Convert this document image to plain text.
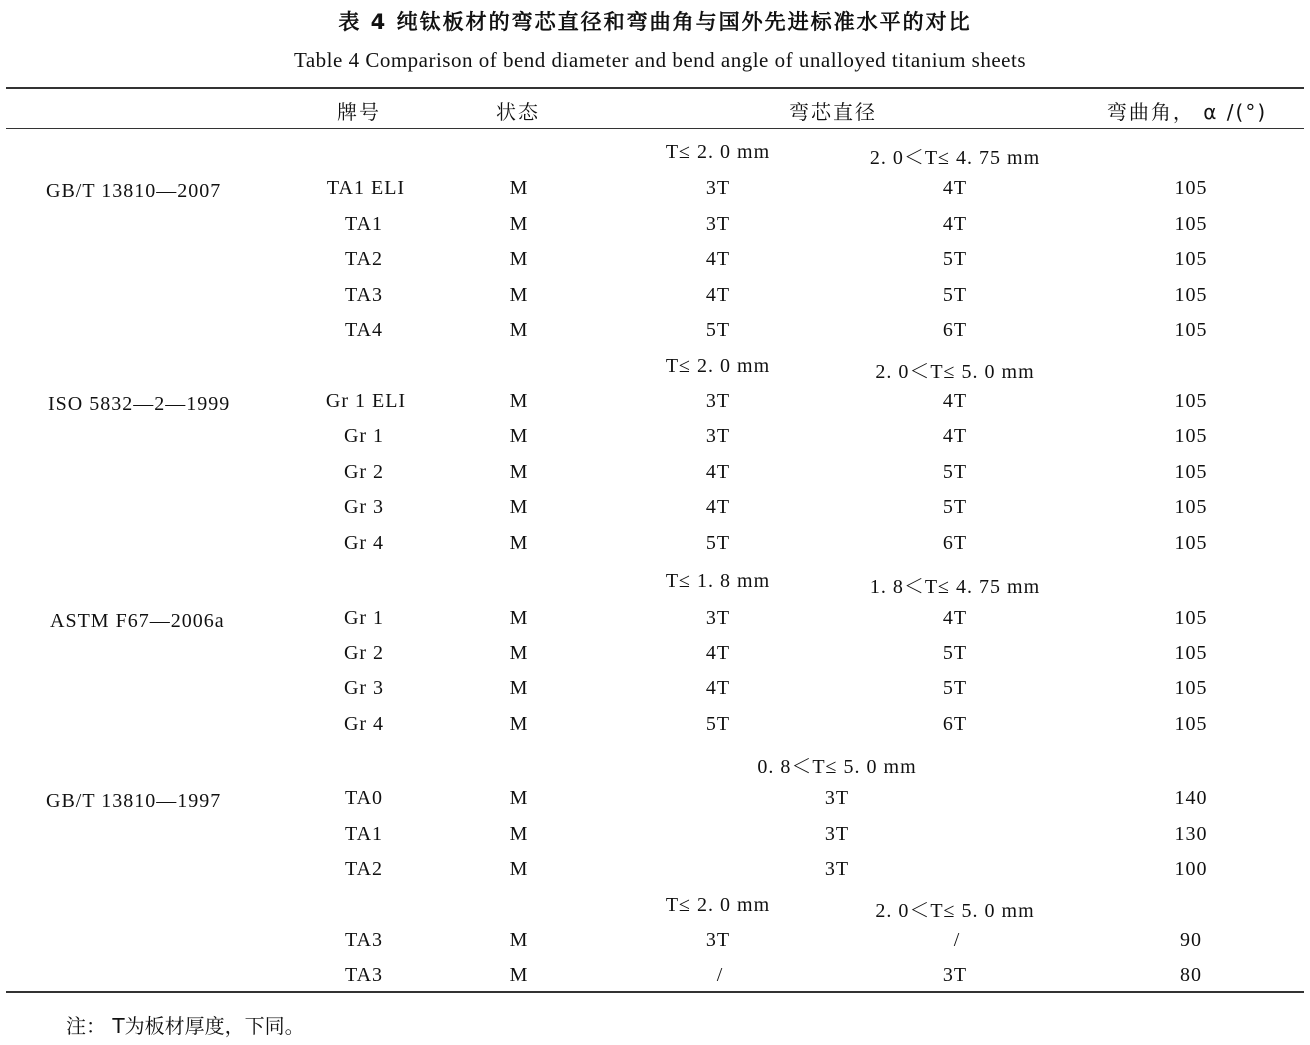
表 4 纯钛板材的弯芯直径和弯曲角与国外先进标准水平的对比
Table 4 Comparison of bend diameter and bend angle of unalloyed titanium sheets
牌号	状态	弯芯直径	弯曲角， α /(°)
T≤ 2. 0 mm	2. 0＜T≤ 4. 75 mm
GB/T 13810—2007	TA1 ELI	M	3T	4T	105
TA1	M	3T	4T	105
TA2	M	4T	5T	105
TA3	M	4T	5T	105
TA4	M	5T	6T	105
T≤ 2. 0 mm	2. 0＜T≤ 5. 0 mm
ISO 5832—2—1999	Gr 1 ELI	M	3T	4T	105
Gr 1	M	3T	4T	105
Gr 2	M	4T	5T	105
Gr 3	M	4T	5T	105
Gr 4	M	5T	6T	105
T≤ 1. 8 mm	1. 8＜T≤ 4. 75 mm
ASTM F67—2006a	Gr 1	M	3T	4T	105
Gr 2	M	4T	5T	105
Gr 3	M	4T	5T	105
Gr 4	M	5T	6T	105
0. 8＜T≤ 5. 0 mm
GB/T 13810—1997	TA0	M	3T	140
TA1	M	3T	130
TA2	M	3T	100
T≤ 2. 0 mm	2. 0＜T≤ 5. 0 mm
TA3	M	3T	/	90
TA3	M	/	3T	80
注： T为板材厚度，下同。
